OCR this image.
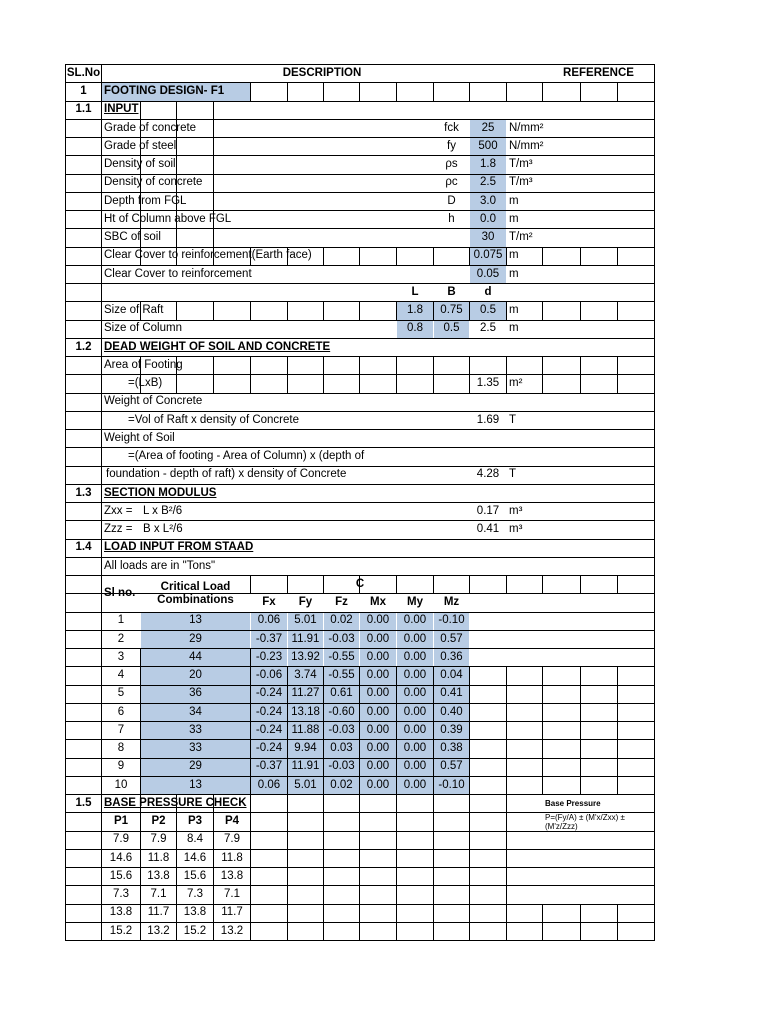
SL.No	DESCRIPTION	REFERENCE
1	FOOTING DESIGN- F1
1.1	INPUT
Grade of concrete	fck	25	N/mm²
Grade of steel	fy	500 N/mm²
Density of soil	ρs	1.8	T/m³
Density of concrete	ρc	2.5	T/m³
Depth from FGL	D	3.0	m
Ht of Column above FGL	h	0.0	m
SBC of soil	30	T/m²
Clear Cover to reinforcement(Earth face)	0.075 m
Clear Cover to reinforcement	0.05 m
L	B	d
Size of Raft	1.8	0.75	0.5	m
Size of Column	0.8	0.5	2.5	m
1.2	DEAD WEIGHT OF SOIL AND CONCRETE
Area of Footing
=(LxB)	1.35 m²
Weight of Concrete
=Vol of Raft x density of Concrete	1.69 T
Weight of Soil
=(Area of footing - Area of Column) x (depth of
foundation - depth of raft) x density of Concrete	4.28 T
1.3	SECTION MODULUS
Zxx = L x B²/6	0.17 m³
Zzz = B x L²/6	0.41 m³
1.4	LOAD INPUT FROM STAAD
All loads are in "Tons"
Sl no.	Critical Load Combinations
C
Fx	Fy	Fz	Mx	My	Mz
1	13	0.06	5.01	0.02	0.00	0.00	-0.10
2	29	-0.37 11.91 -0.03	0.00	0.00	0.57
3	44	-0.23 13.92 -0.55	0.00	0.00	0.36
4	20	-0.06	3.74	-0.55	0.00	0.00	0.04
5	36	-0.24 11.27 0.61	0.00	0.00	0.41
6	34	-0.24 13.18 -0.60	0.00	0.00	0.40
7	33	-0.24 11.88 -0.03	0.00	0.00	0.39
8	33	-0.24	9.94	0.03	0.00	0.00	0.38
9	29	-0.37 11.91 -0.03	0.00	0.00	0.57
10	13	0.06	5.01	0.02	0.00	0.00	-0.10
1.5	BASE PRESSURE CHECK	Base Pressure
P1	P2	P3	P4	P=(Fy/A) ± (M'x/Zxx) ± (M'z/Zzz)
7.9	7.9	8.4	7.9
14.6	11.8	14.6	11.8
15.6	13.8	15.6	13.8
7.3	7.1	7.3	7.1
13.8	11.7	13.8	11.7
15.2	13.2	15.2	13.2
